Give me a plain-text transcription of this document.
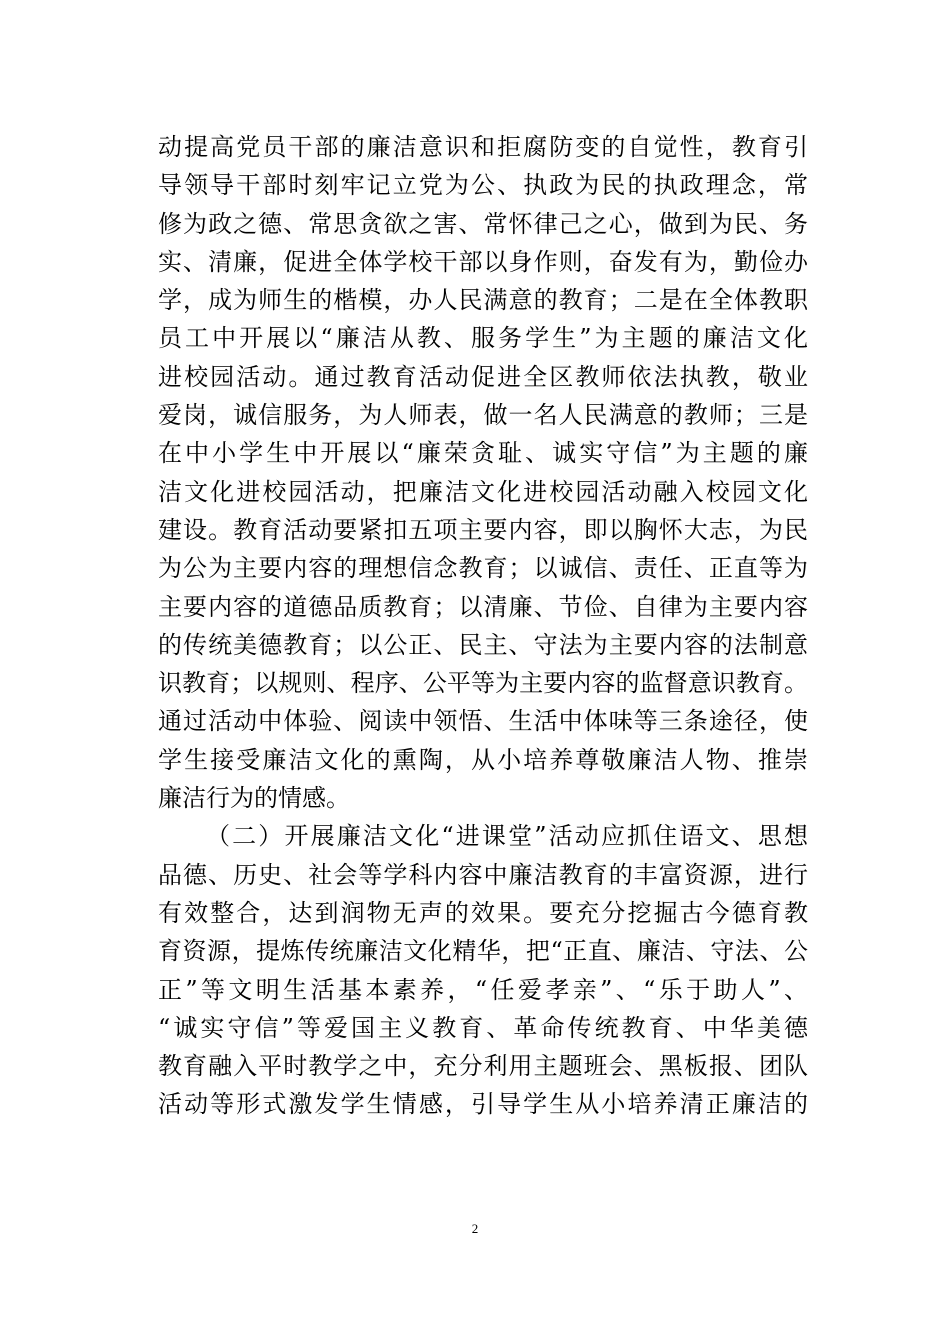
动提高党员干部的廉洁意识和拒腐防变的自觉性，教育引
导领导干部时刻牢记立党为公、执政为民的执政理念，常
修为政之德、常思贪欲之害、常怀律己之心，做到为民、务
实、清廉，促进全体学校干部以身作则，奋发有为，勤俭办
学，成为师生的楷模，办人民满意的教育；二是在全体教职
员工中开展以“廉洁从教、服务学生”为主题的廉洁文化
进校园活动。通过教育活动促进全区教师依法执教，敬业
爱岗，诚信服务，为人师表，做一名人民满意的教师；三是
在中小学生中开展以“廉荣贪耻、诚实守信”为主题的廉
洁文化进校园活动，把廉洁文化进校园活动融入校园文化
建设。教育活动要紧扣五项主要内容，即以胸怀大志，为民
为公为主要内容的理想信念教育；以诚信、责任、正直等为
主要内容的道德品质教育；以清廉、节俭、自律为主要内容
的传统美德教育；以公正、民主、守法为主要内容的法制意
识教育；以规则、程序、公平等为主要内容的监督意识教育。
通过活动中体验、阅读中领悟、生活中体味等三条途径，使
学生接受廉洁文化的熏陶，从小培养尊敬廉洁人物、推崇
廉洁行为的情感。
（二）开展廉洁文化“进课堂”活动应抓住语文、思想
品德、历史、社会等学科内容中廉洁教育的丰富资源，进行
有效整合，达到润物无声的效果。要充分挖掘古今德育教
育资源，提炼传统廉洁文化精华，把“正直、廉洁、守法、公
正”等文明生活基本素养，“任爱孝亲”、“乐于助人”、
“诚实守信”等爱国主义教育、革命传统教育、中华美德
教育融入平时教学之中，充分利用主题班会、黑板报、团队
活动等形式激发学生情感，引导学生从小培养清正廉洁的
2
